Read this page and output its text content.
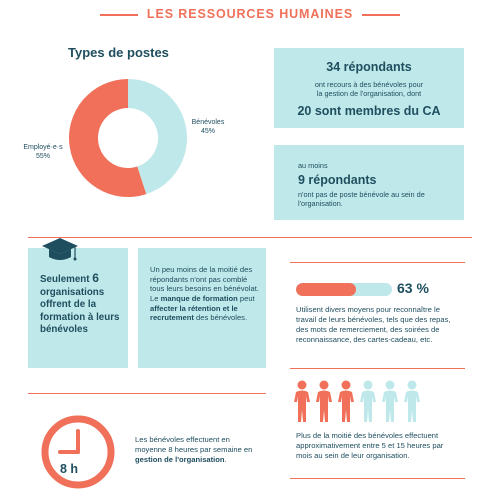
LES RESSOURCES HUMAINES
Types de postes
Employé·e·s
55%
Bénévoles
45%
34 répondants
ont recours à des bénévoles pour la gestion de l'organisation, dont
20 sont membres du CA
au moins
9 répondants
n'ont pas de poste bénévole au sein de l'organisation.
Seulement 6 organisations offrent de la formation à leurs bénévoles
Un peu moins de la moitié des répondants n'ont pas comblé tous leurs besoins en bénévolat. Le manque de formation peut affecter la rétention et le recrutement des bénévoles.
63 %
Utilisent divers moyens pour reconnaître le travail de leurs bénévoles, tels que des repas, des mots de remerciement, des soirées de reconnaissance, des cartes-cadeau, etc.
Plus de la moitié des bénévoles effectuent approximativement entre 5 et 15 heures par mois au sein de leur organisation.
8 h
Les bénévoles effectuent en moyenne 8 heures par semaine en gestion de l'organisation.
